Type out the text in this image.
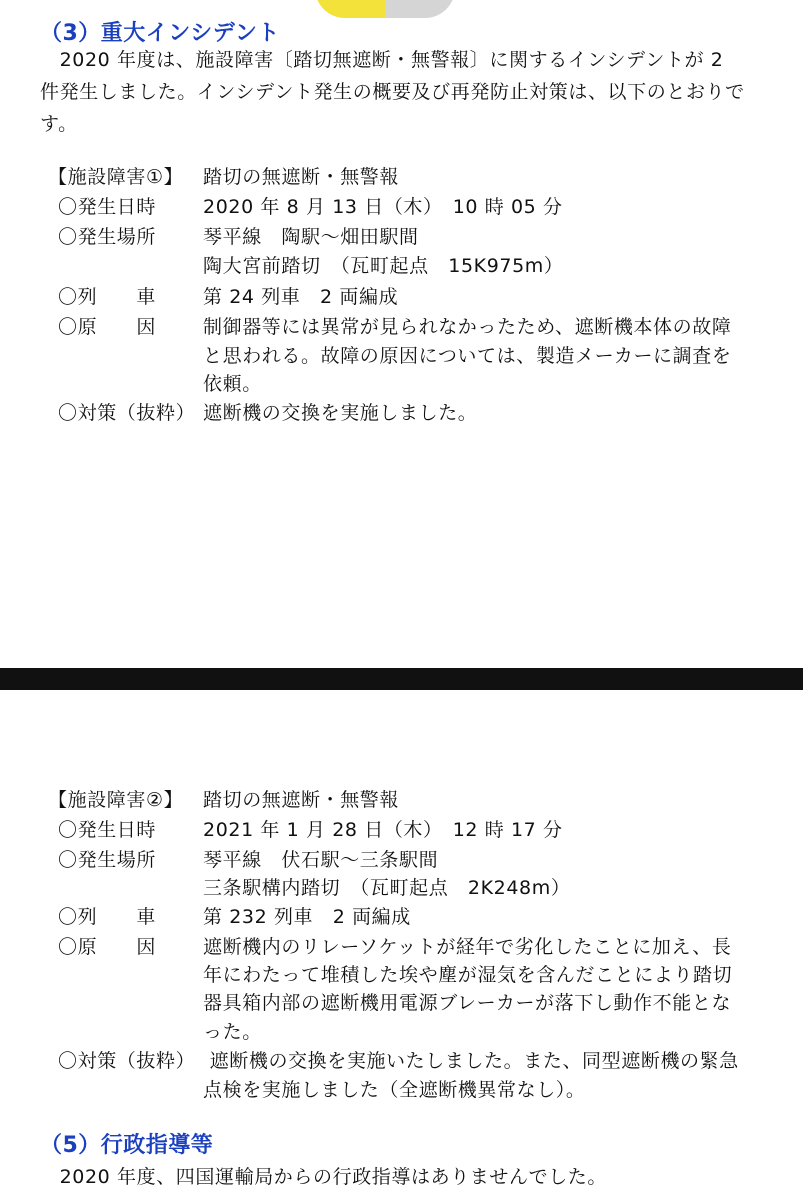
（3）重大インシデント
　2020 年度は、施設障害〔踏切無遮断・無警報〕に関するインシデントが 2
件発生しました。インシデント発生の概要及び再発防止対策は、以下のとおりで
す。
【施設障害①】 踏切の無遮断・無警報
〇発生日時 2020 年 8 月 13 日（木）　10 時 05 分
〇発生場所 琴平線　陶駅～畑田駅間
陶大宮前踏切　（瓦町起点　15K975m）
〇列　　車 第 24 列車　2 両編成
〇原　　因 制御器等には異常が見られなかったため、遮断機本体の故障
と思われる。故障の原因については、製造メーカーに調査を
依頼。
〇対策（抜粋） 遮断機の交換を実施しました。
【施設障害②】 踏切の無遮断・無警報
〇発生日時 2021 年 1 月 28 日（木）　12 時 17 分
〇発生場所 琴平線　伏石駅～三条駅間
三条駅構内踏切　（瓦町起点　2K248m）
〇列　　車 第 232 列車　2 両編成
〇原　　因 遮断機内のリレーソケットが経年で劣化したことに加え、長
年にわたって堆積した埃や塵が湿気を含んだことにより踏切
器具箱内部の遮断機用電源ブレーカーが落下し動作不能とな
った。
〇対策（抜粋） 遮断機の交換を実施いたしました。また、同型遮断機の緊急
点検を実施しました（全遮断機異常なし）。
（5）行政指導等
　2020 年度、四国運輸局からの行政指導はありませんでした。
